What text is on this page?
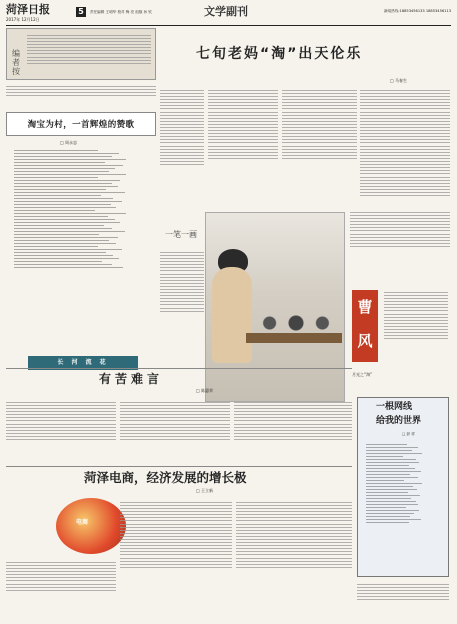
菏泽日报
2017年 12月12日
5	责任编辑 王明华 校对 梅 亮 组版 孙 钦	文学副刊	新闻热线:18853456133 18853456113
编者按
淘宝为村，一首辉煌的赞歌
□ 周永忠
长 河 流 花
七旬老妈“淘”出天伦乐
□ 马春生
一笔一画
曹风
月光之“淘”
一根网线
给我的世界
□ 彭 祥
有苦难言
□ 陈惠荣
菏泽电商，经济发展的增长极
□ 王立新
电商
